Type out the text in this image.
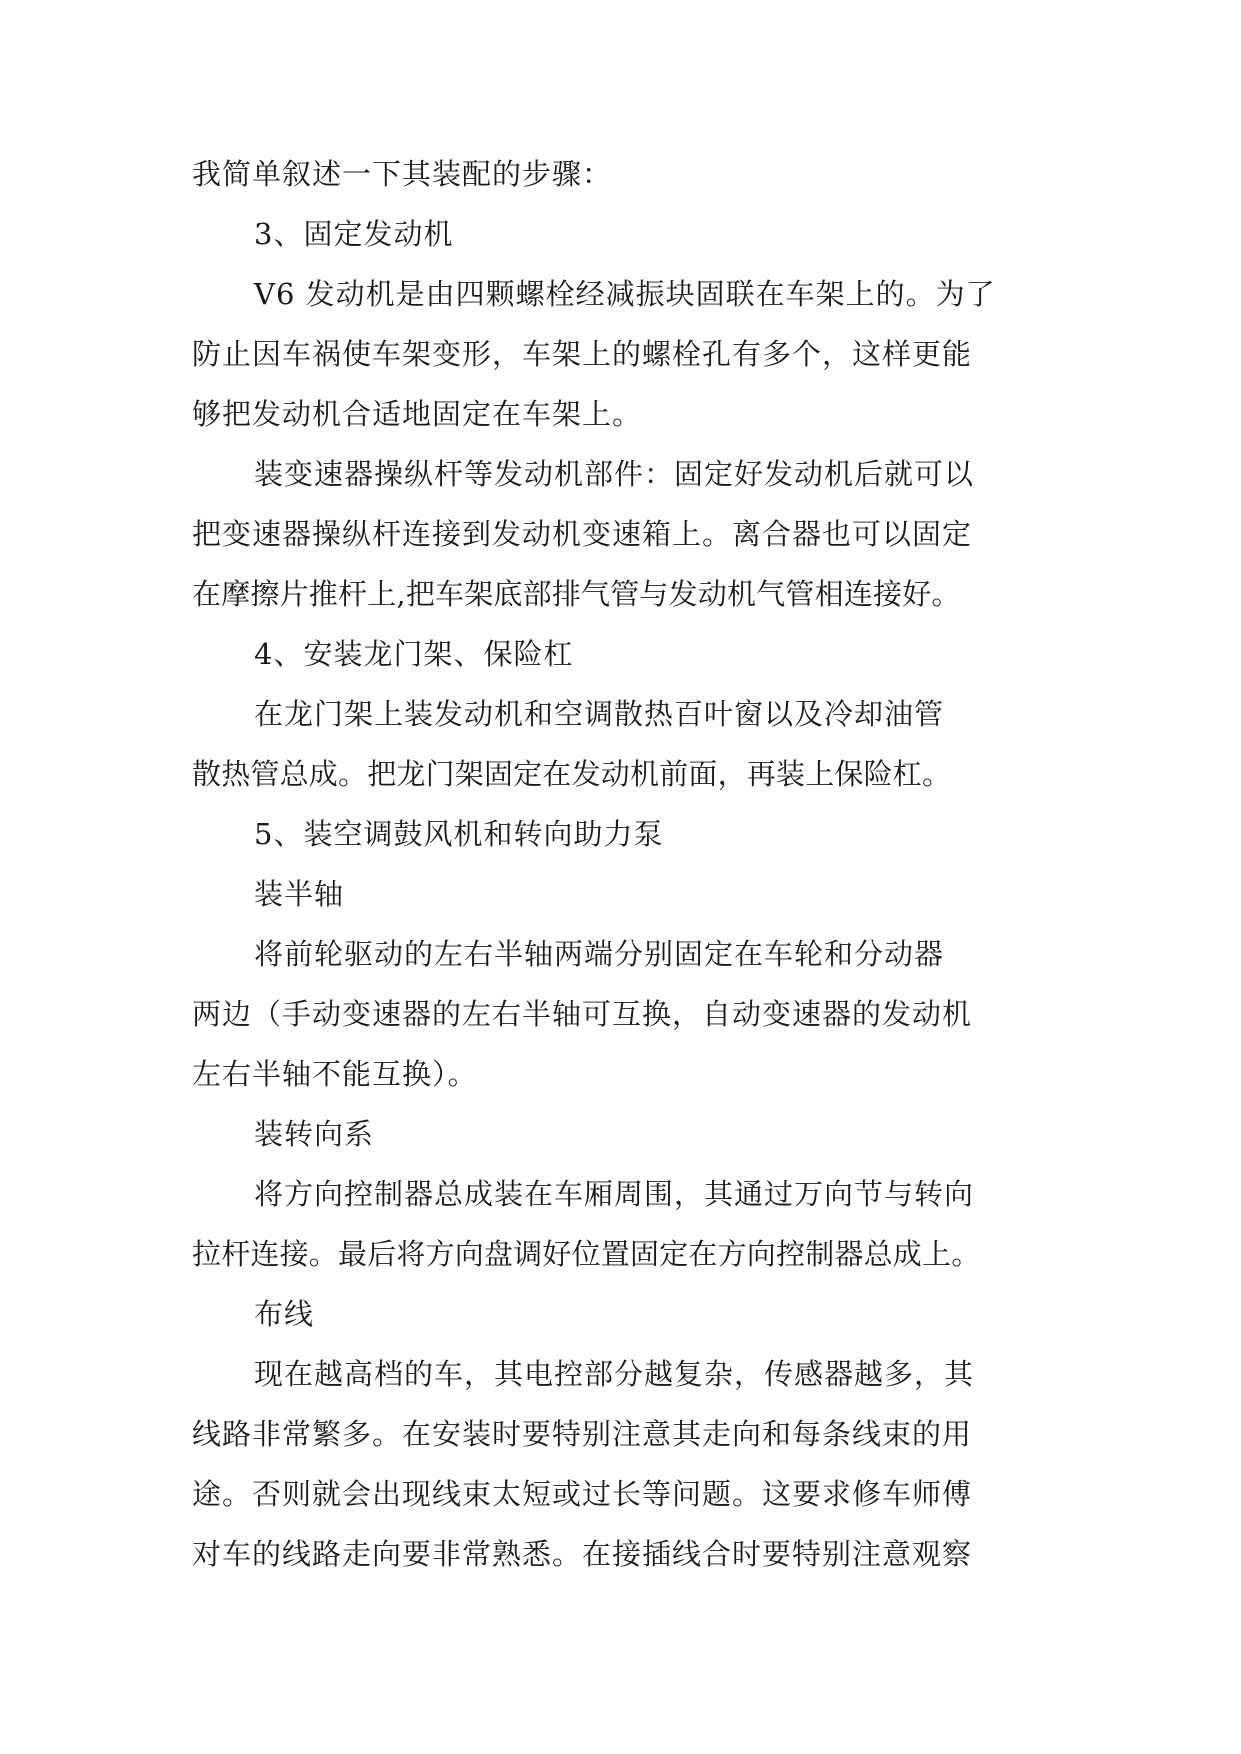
我简单叙述一下其装配的步骤：

3、固定发动机

V6 发动机是由四颗螺栓经减振块固联在车架上的。为了

防止因车祸使车架变形，车架上的螺栓孔有多个，这样更能

够把发动机合适地固定在车架上。

装变速器操纵杆等发动机部件：固定好发动机后就可以

把变速器操纵杆连接到发动机变速箱上。离合器也可以固定

在摩擦片推杆上,把车架底部排气管与发动机气管相连接好。

4、安装龙门架、保险杠

在龙门架上装发动机和空调散热百叶窗以及冷却油管

散热管总成。把龙门架固定在发动机前面，再装上保险杠。

5、装空调鼓风机和转向助力泵

装半轴

将前轮驱动的左右半轴两端分别固定在车轮和分动器

两边（手动变速器的左右半轴可互换，自动变速器的发动机

左右半轴不能互换）。

装转向系

将方向控制器总成装在车厢周围，其通过万向节与转向

拉杆连接。最后将方向盘调好位置固定在方向控制器总成上。

布线

现在越高档的车，其电控部分越复杂，传感器越多，其

线路非常繁多。在安装时要特别注意其走向和每条线束的用

途。否则就会出现线束太短或过长等问题。这要求修车师傅

对车的线路走向要非常熟悉。在接插线合时要特别注意观察
